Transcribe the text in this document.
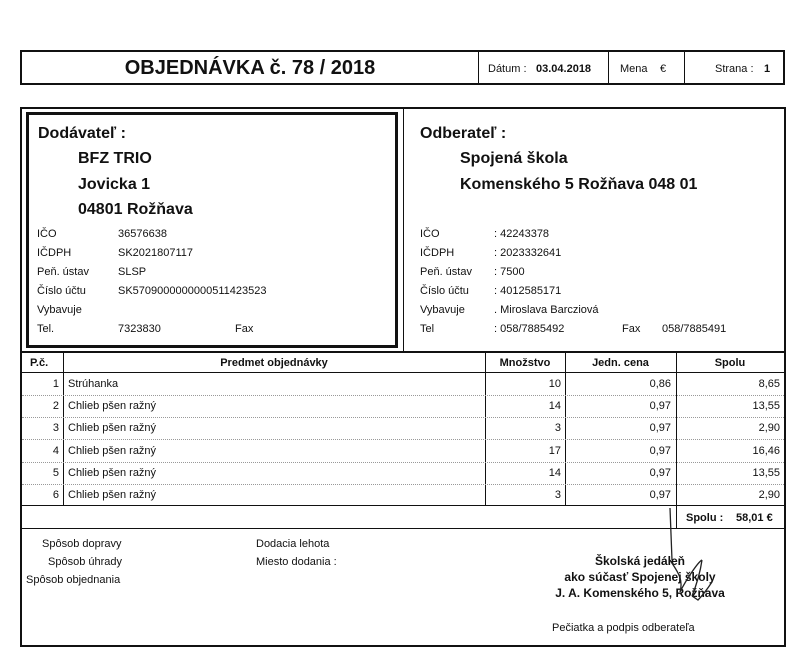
OBJEDNÁVKA č. 78 / 2018	Dátum : 03.04.2018	Mena €	Strana : 1
Dodávateľ :
BFZ TRIO
Jovicka 1
04801 Rožňava
IČO	36576638
IČDPH	SK2021807117
Peň. ústav	SLSP
Číslo účtu	SK5709000000000511423523
Vybavuje
Tel.	7323830	Fax
Odberateľ :
Spojená škola
Komenského 5 Rožňava 048 01
IČO	: 42243378
IČDPH	: 2023332641
Peň. ústav : 7500
Číslo účtu : 4012585171
Vybavuje	. Miroslava Barcziová
Tel	: 058/7885492	Fax 058/7885491
P.č.	Predmet objednávky	Množstvo	Jedn. cena	Spolu
1 Strúhanka	10	0,86	8,65
2 Chlieb pšen ražný	14	0,97	13,55
3 Chlieb pšen ražný	3	0,97	2,90
4 Chlieb pšen ražný	17	0,97	16,46
5 Chlieb pšen ražný	14	0,97	13,55
6 Chlieb pšen ražný	3	0,97	2,90
Spolu : 58,01 €
Spôsob dopravy
Spôsob úhrady
Spôsob objednania
Dodacia lehota
Miesto dodania :	Školská jedáleň
ako súčasť Spojenej školy
J. A. Komenského 5, Rožňava
Pečiatka a podpis odberateľa
